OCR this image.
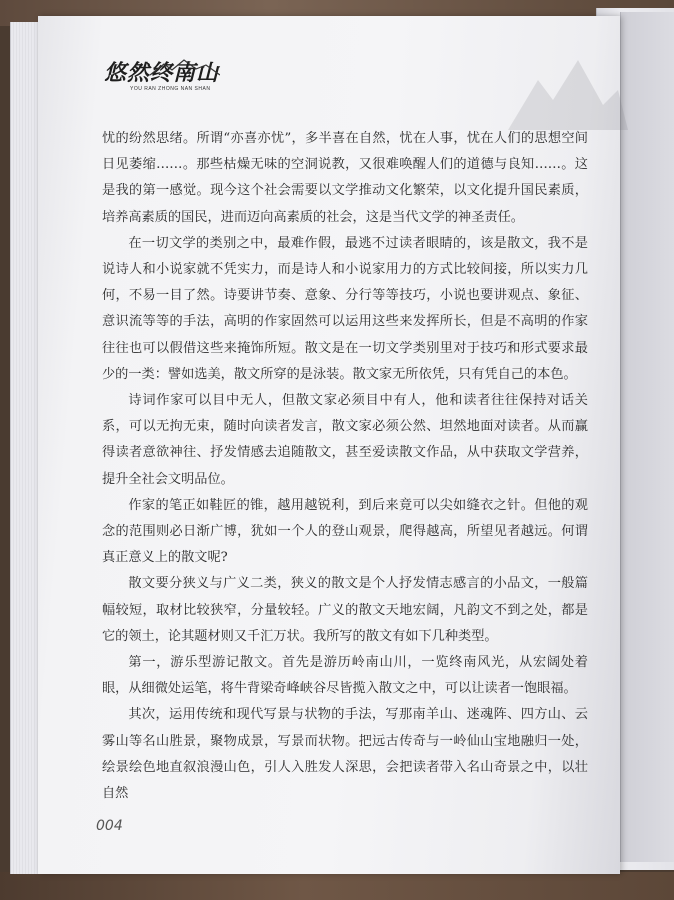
悠然终南山
YOU RAN ZHONG NAN SHAN

忧的纷然思绪。所谓“亦喜亦忧”，多半喜在自然，忧在人事，忧在人们的思想空间日见萎缩……。那些枯燥无味的空洞说教，又很难唤醒人们的道德与良知……。这是我的第一感觉。现今这个社会需要以文学推动文化繁荣，以文化提升国民素质，培养高素质的国民，进而迈向高素质的社会，这是当代文学的神圣责任。

在一切文学的类别之中，最难作假，最逃不过读者眼睛的，该是散文，我不是说诗人和小说家就不凭实力，而是诗人和小说家用力的方式比较间接，所以实力几何，不易一目了然。诗要讲节奏、意象、分行等等技巧，小说也要讲观点、象征、意识流等等的手法，高明的作家固然可以运用这些来发挥所长，但是不高明的作家往往也可以假借这些来掩饰所短。散文是在一切文学类别里对于技巧和形式要求最少的一类：譬如选美，散文所穿的是泳装。散文家无所依凭，只有凭自己的本色。

诗词作家可以目中无人，但散文家必须目中有人，他和读者往往保持对话关系，可以无拘无束，随时向读者发言，散文家必须公然、坦然地面对读者。从而赢得读者意欲神往、抒发情感去追随散文，甚至爱读散文作品，从中获取文学营养，提升全社会文明品位。

作家的笔正如鞋匠的锥，越用越锐利，到后来竟可以尖如缝衣之针。但他的观念的范围则必日渐广博，犹如一个人的登山观景，爬得越高，所望见者越远。何谓真正意义上的散文呢?

散文要分狭义与广义二类，狭义的散文是个人抒发情志感言的小品文，一般篇幅较短，取材比较狭窄，分量较轻。广义的散文天地宏阔，凡韵文不到之处，都是它的领土，论其题材则又千汇万状。我所写的散文有如下几种类型。

第一，游乐型游记散文。首先是游历岭南山川，一览终南风光，从宏阔处着眼，从细微处运笔，将牛背梁奇峰峡谷尽皆揽入散文之中，可以让读者一饱眼福。

其次，运用传统和现代写景与状物的手法，写那南羊山、迷魂阵、四方山、云雾山等名山胜景，聚物成景，写景而状物。把远古传奇与一岭仙山宝地融归一处，绘景绘色地直叙浪漫山色，引人入胜发人深思，会把读者带入名山奇景之中，以壮自然

004
